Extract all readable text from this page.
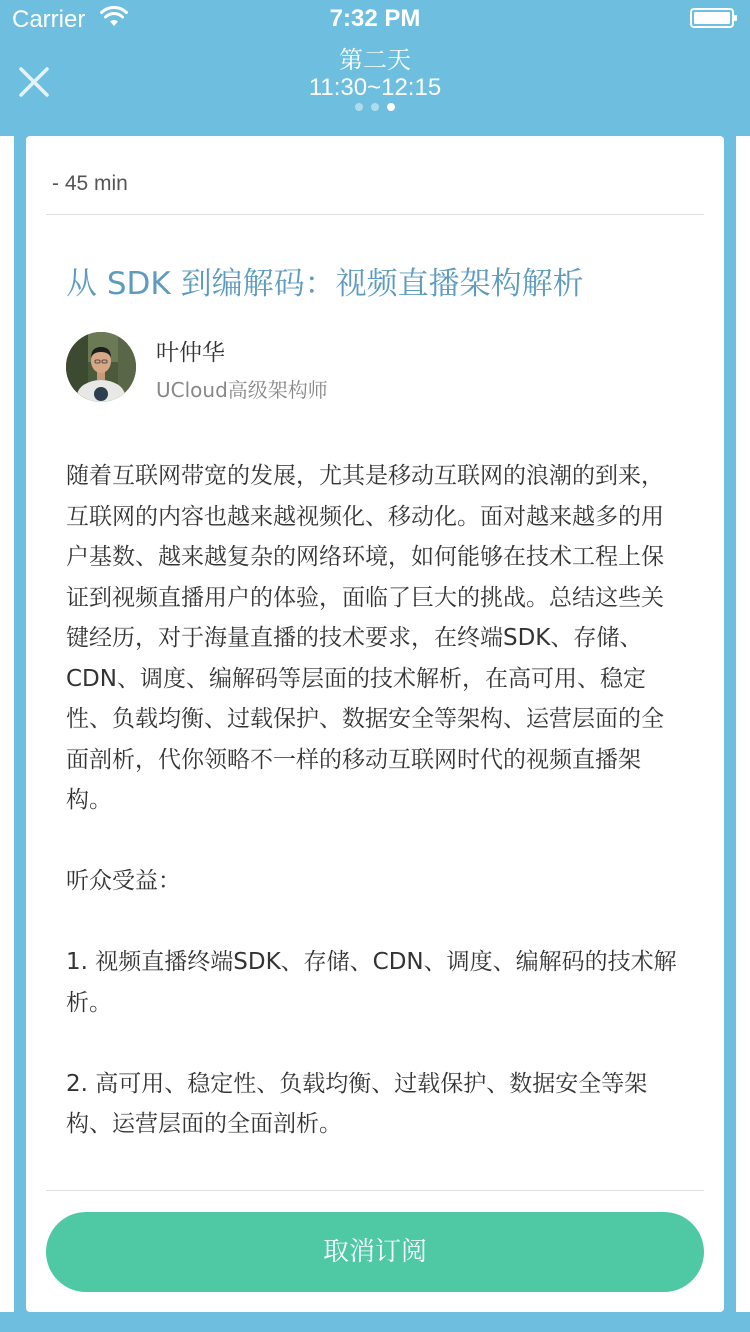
Carrier	7:32 PM
第二天
11:30~12:15
- 45 min
从 SDK 到编解码：视频直播架构解析
叶仲华
UCloud高级架构师

随着互联网带宽的发展，尤其是移动互联网的浪潮的到来，互联网的内容也越来越视频化、移动化。面对越来越多的用户基数、越来越复杂的网络环境，如何能够在技术工程上保证到视频直播用户的体验，面临了巨大的挑战。总结这些关键经历，对于海量直播的技术要求，在终端SDK、存储、CDN、调度、编解码等层面的技术解析，在高可用、稳定性、负载均衡、过载保护、数据安全等架构、运营层面的全面剖析，代你领略不一样的移动互联网时代的视频直播架构。

听众受益：

1. 视频直播终端SDK、存储、CDN、调度、编解码的技术解析。

2. 高可用、稳定性、负载均衡、过载保护、数据安全等架构、运营层面的全面剖析。

取消订阅
